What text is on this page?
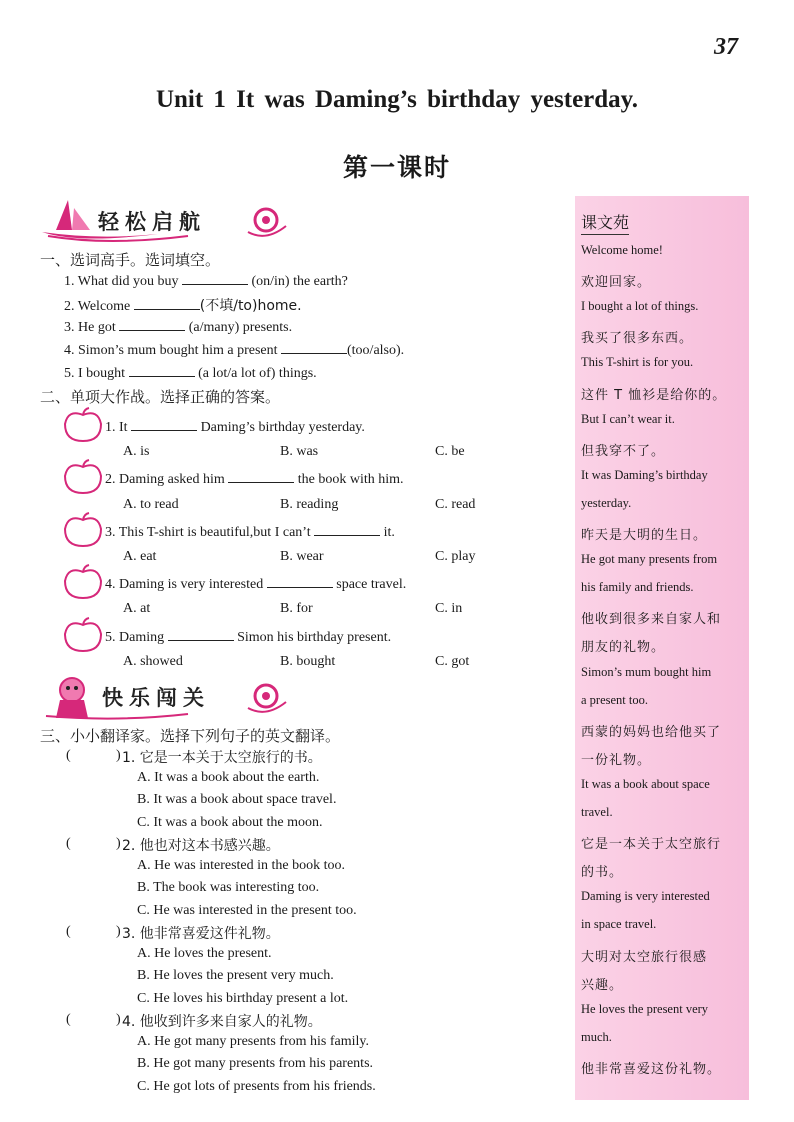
37
Unit 1 It was Daming’s birthday yesterday.
第一课时
轻松启航
一、选词高手。选词填空。
1. What did you buy	(on/in) the earth?
2. Welcome	(不填/to)home.
3. He got	(a/many) presents.
4. Simon’s mum bought him a present	(too/also).
5. I bought	(a lot/a lot of) things.
二、单项大作战。选择正确的答案。
1. It	Daming’s birthday yesterday.
A. is	B. was	C. be
2. Daming asked him	the book with him.
A. to read	B. reading	C. read
3. This T-shirt is beautiful,but I can’t	it.
A. eat	B. wear	C. play
4. Daming is very interested	space travel.
A. at	B. for	C. in
5. Daming	Simon his birthday present.
A. showed	B. bought	C. got
快乐闯关
三、小小翻译家。选择下列句子的英文翻译。
(	) 1. 它是一本关于太空旅行的书。
A. It was a book about the earth.
B. It was a book about space travel.
C. It was a book about the moon.
(	) 2. 他也对这本书感兴趣。
A. He was interested in the book too.
B. The book was interesting too.
C. He was interested in the present too.
(	) 3. 他非常喜爱这件礼物。
A. He loves the present.
B. He loves the present very much.
C. He loves his birthday present a lot.
(	) 4. 他收到许多来自家人的礼物。
A. He got many presents from his family.
B. He got many presents from his parents.
C. He got lots of presents from his friends.
课文苑
Welcome home!
欢迎回家。
I bought a lot of things.
我买了很多东西。
This T-shirt is for you.
这件 T 恤衫是给你的。
But I can’t wear it.
但我穿不了。
It was Daming’s birthday
yesterday.
昨天是大明的生日。
He got many presents from
his family and friends.
他收到很多来自家人和
朋友的礼物。
Simon’s mum bought him
a present too.
西蒙的妈妈也给他买了
一份礼物。
It was a book about space
travel.
它是一本关于太空旅行
的书。
Daming is very interested
in space travel.
大明对太空旅行很感
兴趣。
He loves the present very
much.
他非常喜爱这份礼物。
